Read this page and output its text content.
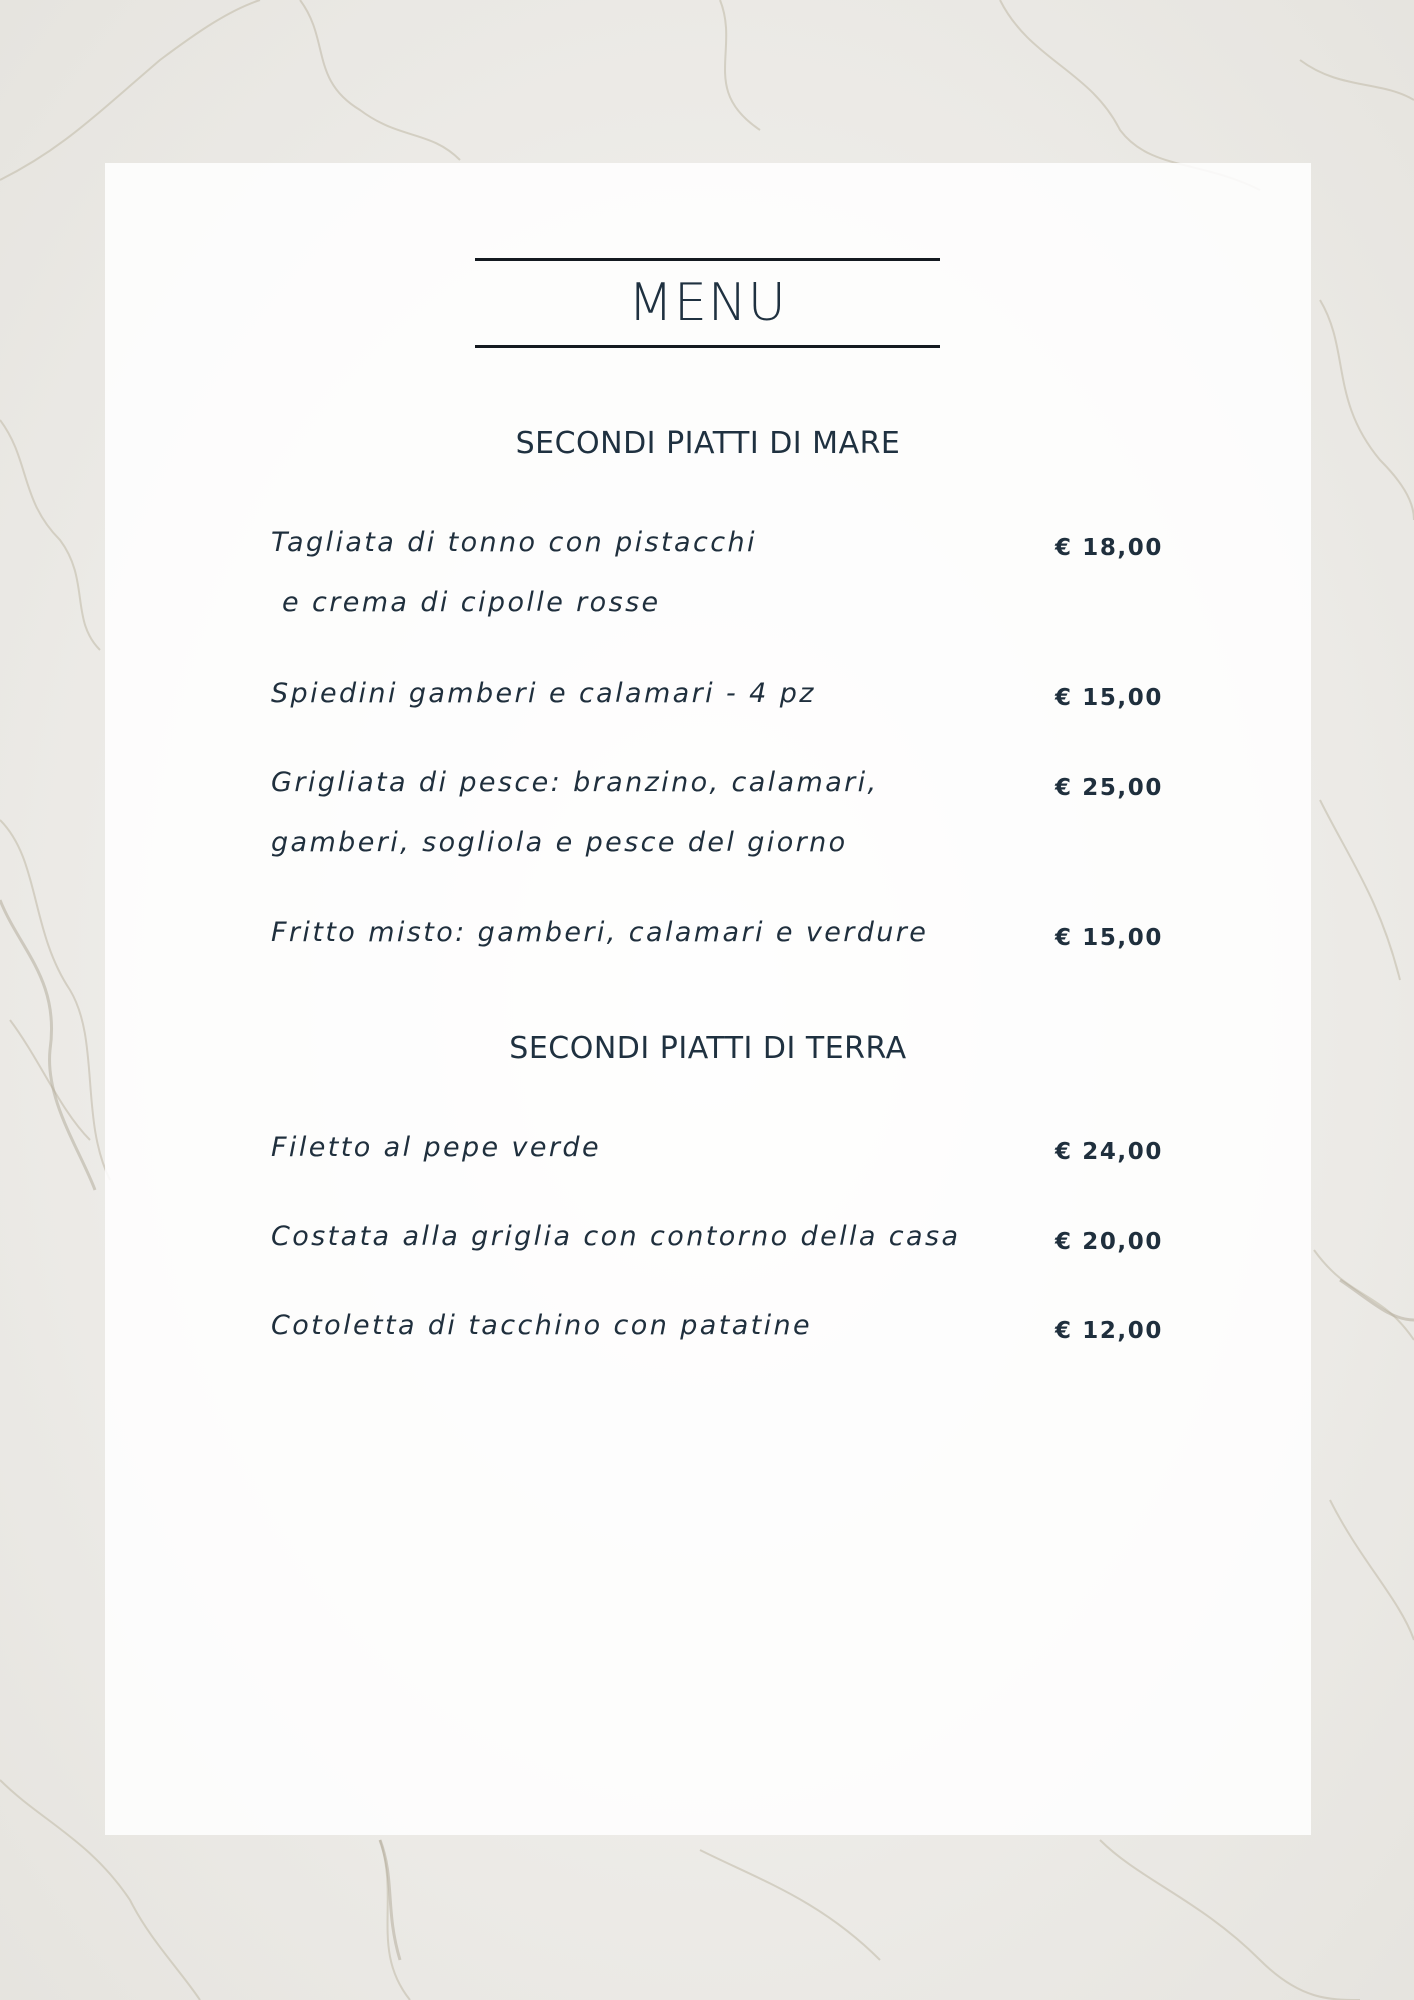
MENU
SECONDI PIATTI DI MARE
Tagliata di tonno con pistacchi
e crema di cipolle rosse
€ 18,00
Spiedini gamberi e calamari - 4 pz	€ 15,00
Grigliata di pesce: branzino, calamari,
gamberi, sogliola e pesce del giorno
€ 25,00
Fritto misto: gamberi, calamari e verdure	€ 15,00
SECONDI PIATTI DI TERRA
Filetto al pepe verde	€ 24,00
Costata alla griglia con contorno della casa	€ 20,00
Cotoletta di tacchino con patatine	€ 12,00
